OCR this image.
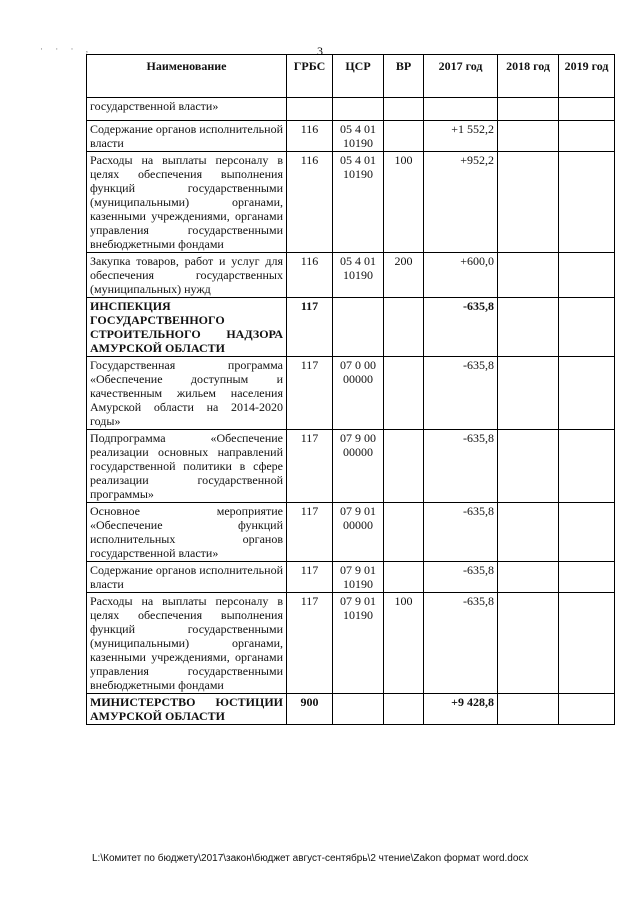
· · · ,	3
Наименование	ГРБС	ЦСР	ВР	2017 год	2018 год	2019 год
государственной власти»						
Содержание органов исполнительной власти	116	05 4 01 10190		+1 552,2		
Расходы на выплаты персоналу в целях обеспечения выполнения функций государственными (муниципальными) органами, казенными учреждениями, органами управления государственными внебюджетными фондами	116	05 4 01 10190	100	+952,2		
Закупка товаров, работ и услуг для обеспечения государственных (муниципальных) нужд	116	05 4 01 10190	200	+600,0		
ИНСПЕКЦИЯ ГОСУДАРСТВЕННОГО СТРОИТЕЛЬНОГО НАДЗОРА АМУРСКОЙ ОБЛАСТИ	117			-635,8		
Государственная программа «Обеспечение доступным и качественным жильем населения Амурской области на 2014-2020 годы»	117	07 0 00 00000		-635,8		
Подпрограмма «Обеспечение реализации основных направлений государственной политики в сфере реализации государственной программы»	117	07 9 00 00000		-635,8		
Основное мероприятие «Обеспечение функций исполнительных органов государственной власти»	117	07 9 01 00000		-635,8		
Содержание органов исполнительной власти	117	07 9 01 10190		-635,8		
Расходы на выплаты персоналу в целях обеспечения выполнения функций государственными (муниципальными) органами, казенными учреждениями, органами управления государственными внебюджетными фондами	117	07 9 01 10190	100	-635,8		
МИНИСТЕРСТВО ЮСТИЦИИ АМУРСКОЙ ОБЛАСТИ	900			+9 428,8		
L:\Комитет по бюджету\2017\закон\бюджет август-сентябрь\2 чтение\Zakon формат word.docx
